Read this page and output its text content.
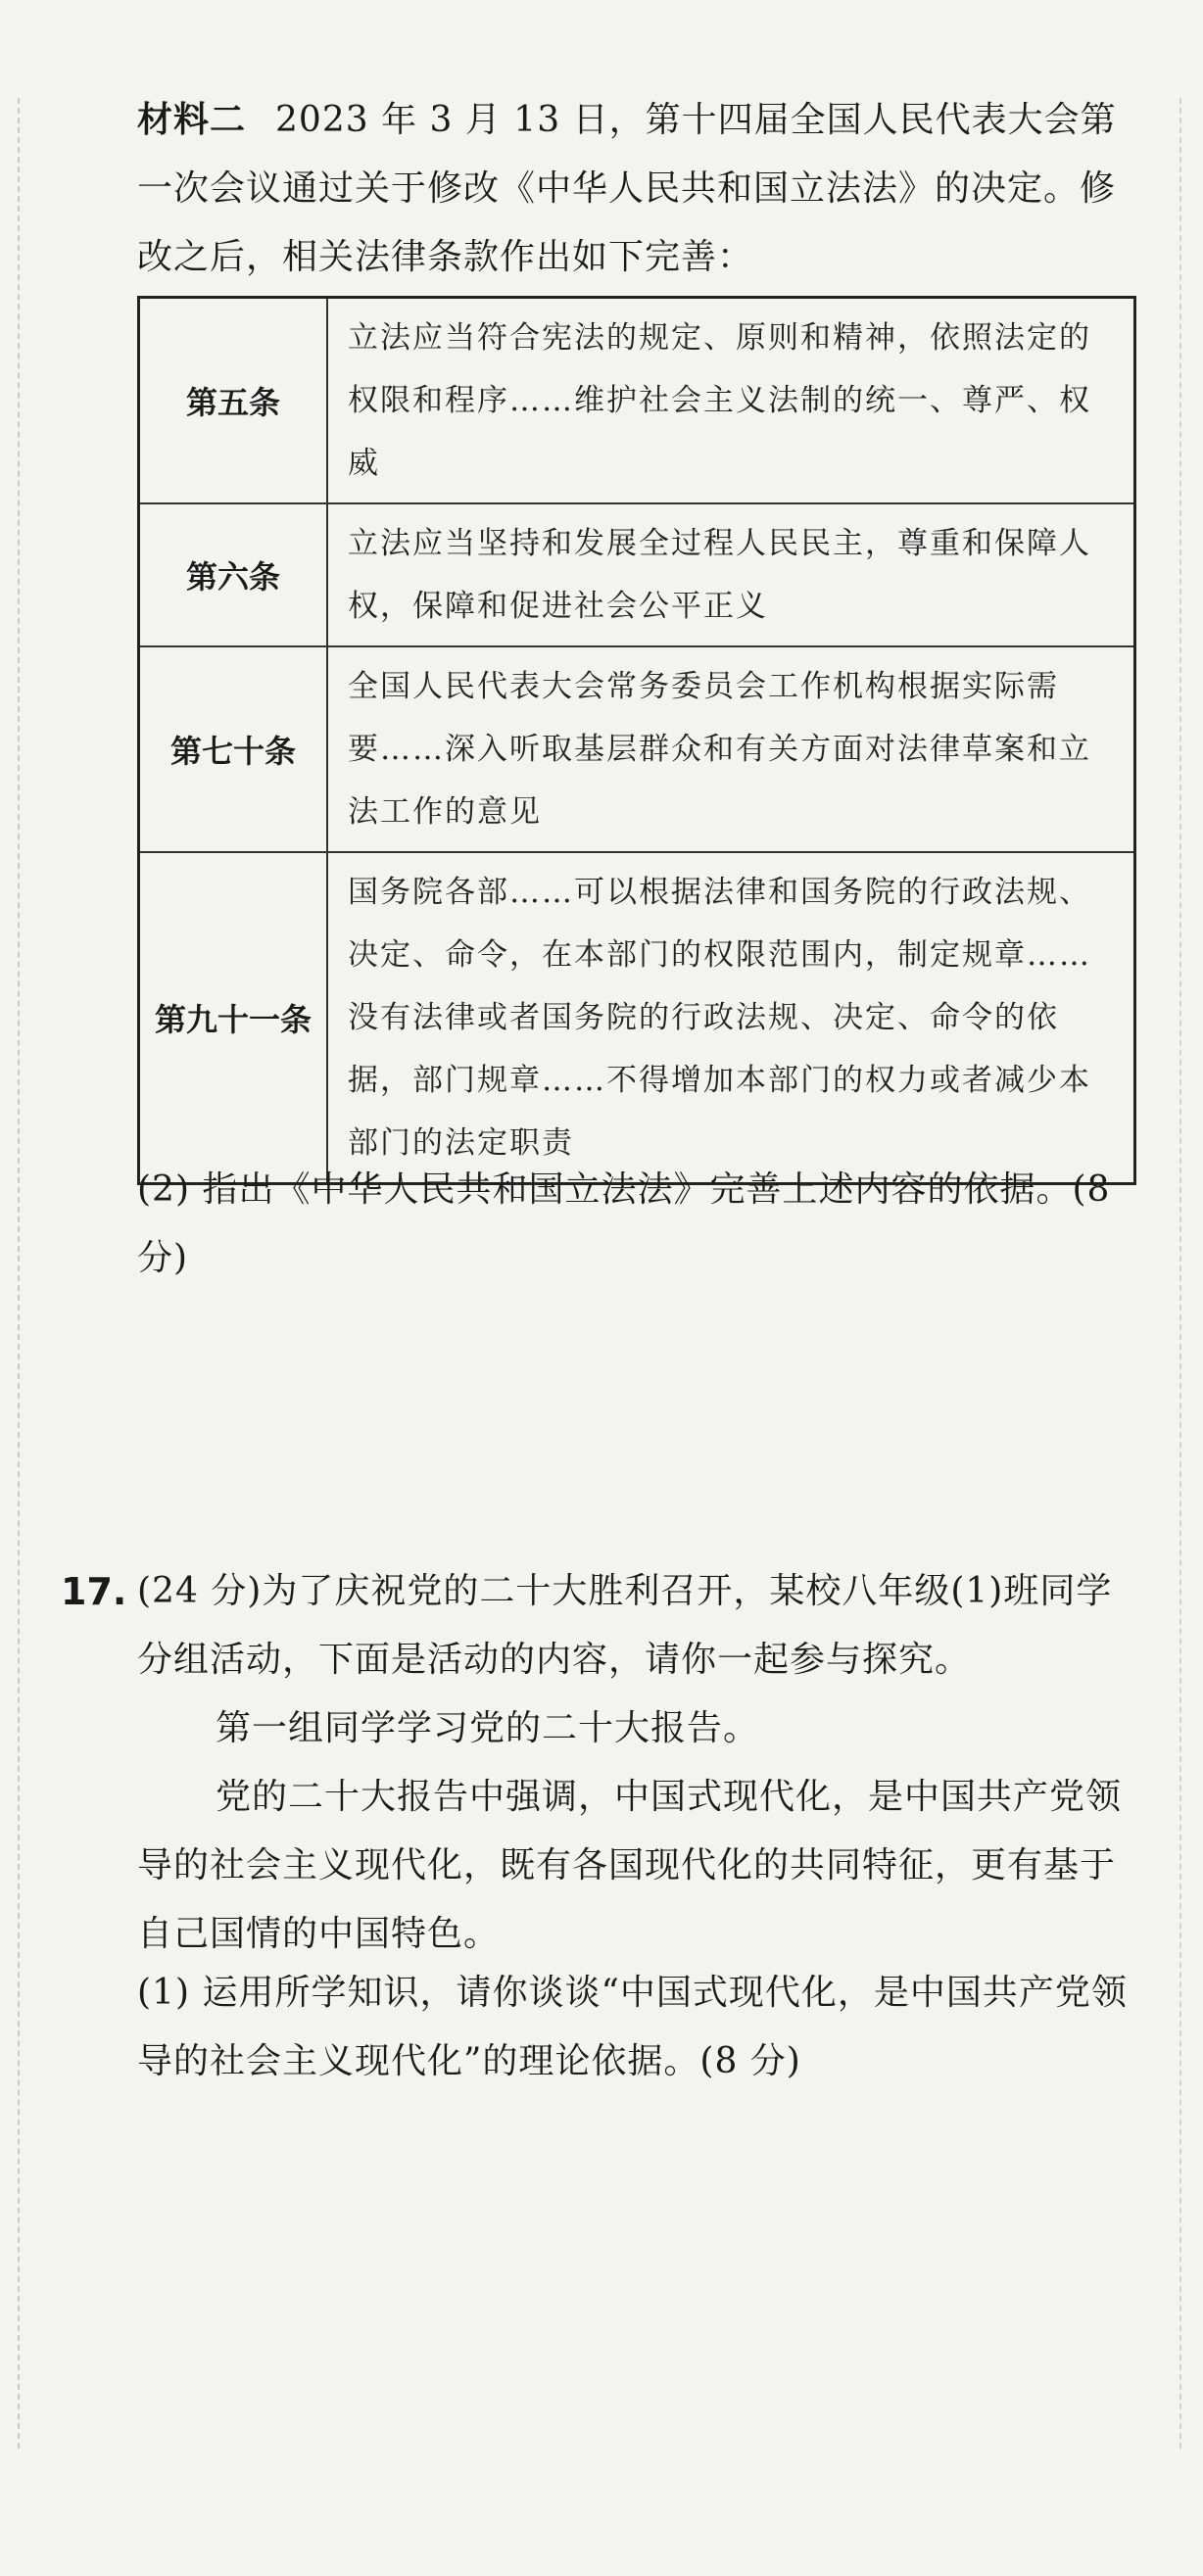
材料二 2023 年 3 月 13 日，第十四届全国人民代表大会第一次会议通过关于修改《中华人民共和国立法法》的决定。修改之后，相关法律条款作出如下完善：
第五条	立法应当符合宪法的规定、原则和精神，依照法定的权限和程序……维护社会主义法制的统一、尊严、权威
第六条	立法应当坚持和发展全过程人民民主，尊重和保障人权，保障和促进社会公平正义
第七十条	全国人民代表大会常务委员会工作机构根据实际需要……深入听取基层群众和有关方面对法律草案和立法工作的意见
第九十一条	国务院各部……可以根据法律和国务院的行政法规、决定、命令，在本部门的权限范围内，制定规章……没有法律或者国务院的行政法规、决定、命令的依据，部门规章……不得增加本部门的权力或者减少本部门的法定职责
(2) 指出《中华人民共和国立法法》完善上述内容的依据。(8 分)
17. (24 分)为了庆祝党的二十大胜利召开，某校八年级(1)班同学分组活动，下面是活动的内容，请你一起参与探究。
第一组同学学习党的二十大报告。
党的二十大报告中强调，中国式现代化，是中国共产党领导的社会主义现代化，既有各国现代化的共同特征，更有基于自己国情的中国特色。
(1) 运用所学知识，请你谈谈“中国式现代化，是中国共产党领导的社会主义现代化”的理论依据。(8 分)
